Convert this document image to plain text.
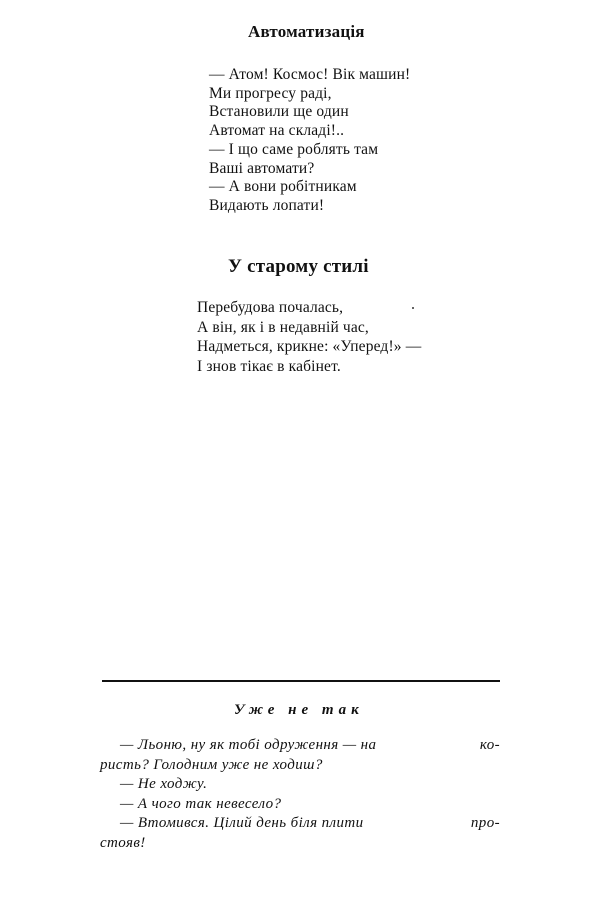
Автоматизація
— Атом! Космос! Вік машин!
Ми прогресу раді,
Встановили ще один
Автомат на складі!..
— І що саме роблять там
Ваші автомати?
— А вони робітникам
Видають лопати!
У старому стилі
Перебудова почалась,
А він, як і в недавній час,
Надметься, крикне: «Уперед!» —
І знов тікає в кабінет.
Уже не так
— Льоню, ну як тобі одруження — на	ко-
ристь? Голодним уже не ходиш?
— Не ходжу.
— А чого так невесело?
— Втомився. Цілий день біля плити	про-
стояв!
